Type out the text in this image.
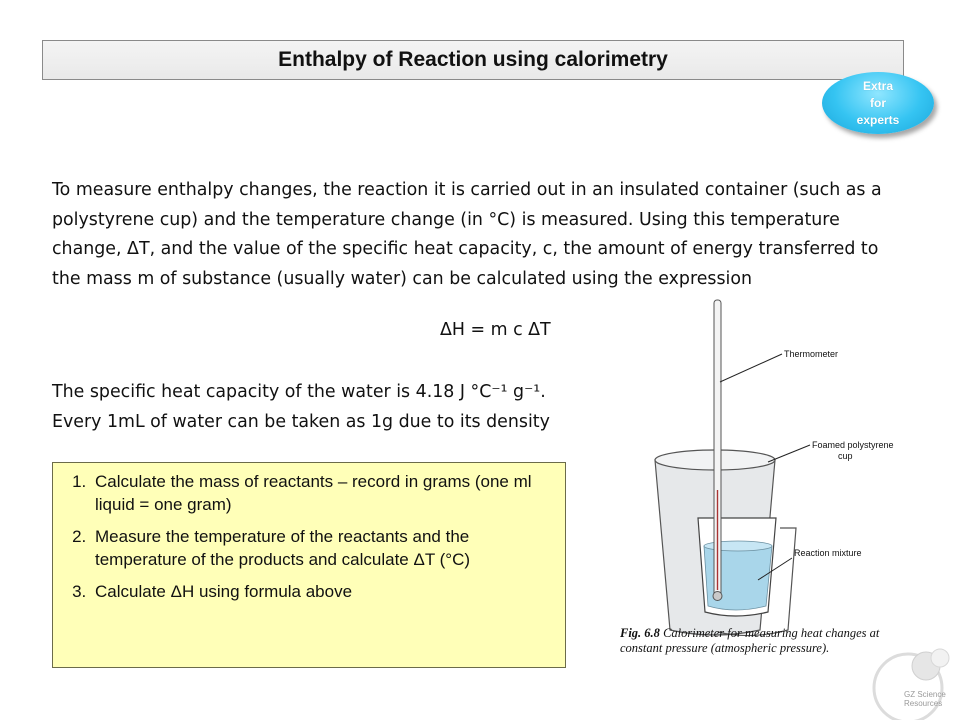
Enthalpy of Reaction using calorimetry
Extra
for
experts

To measure enthalpy changes, the reaction it is carried out in an insulated container (such as a polystyrene cup) and the temperature change (in °C) is measured. Using this temperature change, ΔT, and the value of the specific heat capacity, c, the amount of energy transferred to the mass m of substance (usually water) can be calculated using the expression

ΔH = m c ΔT
The specific heat capacity of the water is 4.18 J °C⁻¹ g⁻¹.
Every 1mL of water can be taken as 1g due to its density
1. Calculate the mass of reactants – record in grams (one ml liquid = one gram)
2. Measure the temperature of the reactants and the temperature of the products and calculate ΔT (°C)
3. Calculate ΔH using formula above
Thermometer
Foamed polystyrene
cup
Reaction mixture
Fig. 6.8 Calorimeter for measuring heat changes at constant pressure (atmospheric pressure).
GZ Science
Resources
